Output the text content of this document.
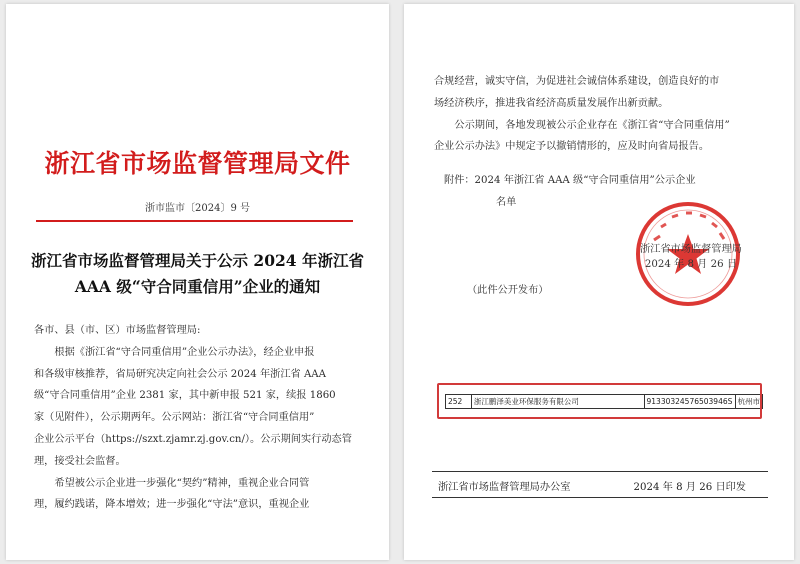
浙江省市场监督管理局文件
浙市监市〔2024〕9 号
浙江省市场监督管理局关于公示 2024 年浙江省
AAA 级“守合同重信用”企业的通知

各市、县（市、区）市场监督管理局:

根据《浙江省“守合同重信用”企业公示办法》，经企业申报

和各级审核推荐，省局研究决定向社会公示 2024 年浙江省 AAA

级“守合同重信用”企业 2381 家，其中新申报 521 家，续报 1860

家（见附件），公示期两年。公示网站：浙江省“守合同重信用”

企业公示平台（https://szxt.zjamr.zj.gov.cn/）。公示期间实行动态管

理，接受社会监督。

希望被公示企业进一步强化“契约”精神，重视企业合同管

理，履约践诺，降本增效；进一步强化“守法”意识，重视企业

合规经营，诚实守信，为促进社会诚信体系建设，创造良好的市

场经济秩序，推进我省经济高质量发展作出新贡献。

公示期间，各地发现被公示企业存在《浙江省“守合同重信用”

企业公示办法》中规定予以撤销情形的，应及时向省局报告。

附件：2024 年浙江省 AAA 级“守合同重信用”公示企业
名单
浙江省市场监督管理局
2024 年 8 月 26 日
（此件公开发布）
252	浙江鹏泽美业环保服务有限公司	91330324576503946S	杭州市
浙江省市场监督管理局办公室	2024 年 8 月 26 日印发
